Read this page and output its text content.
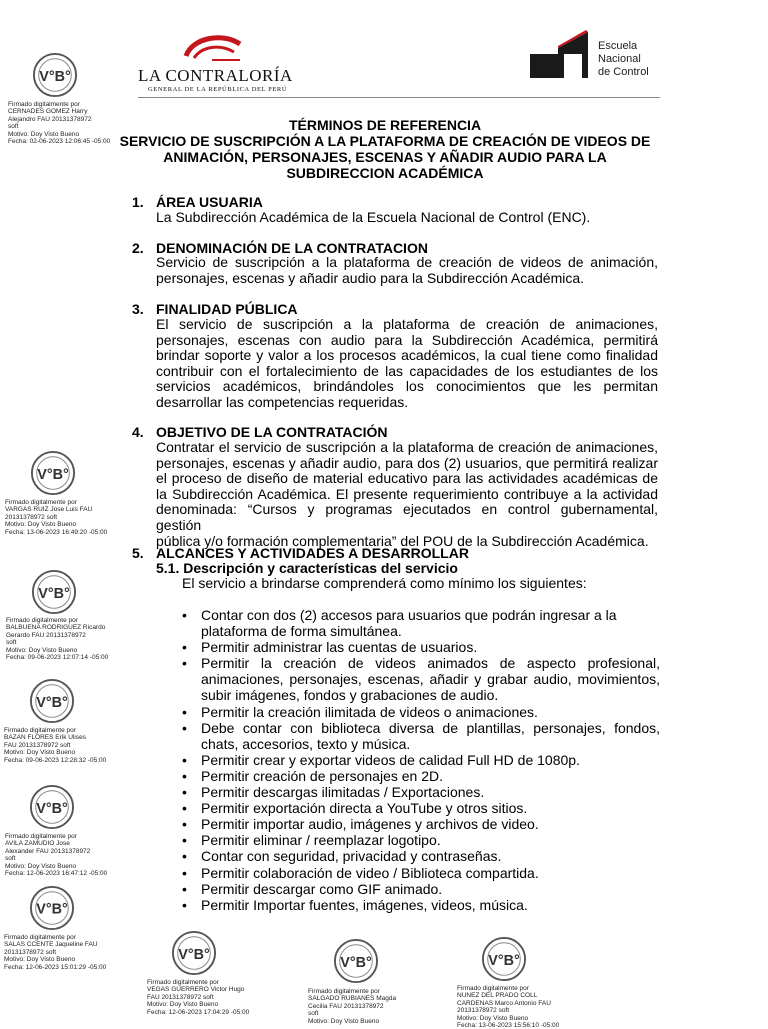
LA CONTRALORÍA
GENERAL DE LA REPÚBLICA DEL PERÚ
Escuela
Nacional
de Control
TÉRMINOS DE REFERENCIA
SERVICIO DE SUSCRIPCIÓN A LA PLATAFORMA DE CREACIÓN DE VIDEOS DE
ANIMACIÓN, PERSONAJES, ESCENAS Y AÑADIR AUDIO PARA LA
SUBDIRECCION ACADÉMICA
1. ÁREA USUARIA
La Subdirección Académica de la Escuela Nacional de Control (ENC).
2. DENOMINACIÓN DE LA CONTRATACION
Servicio de suscripción a la plataforma de creación de videos de animación,
personajes, escenas y añadir audio para la Subdirección Académica.
3. FINALIDAD PÚBLICA
El servicio de suscripción a la plataforma de creación de animaciones,
personajes, escenas con audio para la Subdirección Académica, permitirá
brindar soporte y valor a los procesos académicos, la cual tiene como finalidad
contribuir con el fortalecimiento de las capacidades de los estudiantes de los
servicios académicos, brindándoles los conocimientos que les permitan
desarrollar las competencias requeridas.
4. OBJETIVO DE LA CONTRATACIÓN
Contratar el servicio de suscripción a la plataforma de creación de animaciones,
personajes, escenas y añadir audio, para dos (2) usuarios, que permitirá realizar
el proceso de diseño de material educativo para las actividades académicas de
la Subdirección Académica. El presente requerimiento contribuye a la actividad
denominada: “Cursos y programas ejecutados en control gubernamental, gestión
pública y/o formación complementaria” del POU de la Subdirección Académica.
5. ALCANCES Y ACTIVIDADES A DESARROLLAR
5.1. Descripción y características del servicio
El servicio a brindarse comprenderá como mínimo los siguientes:
• Contar con dos (2) accesos para usuarios que podrán ingresar a la
plataforma de forma simultánea.
• Permitir administrar las cuentas de usuarios.
• Permitir la creación de videos animados de aspecto profesional,
animaciones, personajes, escenas, añadir y grabar audio, movimientos,
subir imágenes, fondos y grabaciones de audio.
• Permitir la creación ilimitada de videos o animaciones.
• Debe contar con biblioteca diversa de plantillas, personajes, fondos,
chats, accesorios, texto y música.
• Permitir crear y exportar videos de calidad Full HD de 1080p.
• Permitir creación de personajes en 2D.
• Permitir descargas ilimitadas / Exportaciones.
• Permitir exportación directa a YouTube y otros sitios.
• Permitir importar audio, imágenes y archivos de video.
• Permitir eliminar / reemplazar logotipo.
• Contar con seguridad, privacidad y contraseñas.
• Permitir colaboración de video / Biblioteca compartida.
• Permitir descargar como GIF animado.
• Permitir Importar fuentes, imágenes, videos, música.
V°B°
Firmado digitalmente por
CERNADES GOMEZ Harry
Alejandro FAU 20131378972
soft
Motivo: Doy Visto Bueno
Fecha: 02-06-2023 12:06:45 -05:00
V°B°
Firmado digitalmente por
VARGAS RUIZ Jose Luis FAU
20131378972 soft
Motivo: Doy Visto Bueno
Fecha: 13-06-2023 16:49:20 -05:00
V°B°
Firmado digitalmente por
BALBUENA RODRIGUEZ Ricardo
Gerardo FAU 20131378972
soft
Motivo: Doy Visto Bueno
Fecha: 09-06-2023 12:07:14 -05:00
V°B°
Firmado digitalmente por
BAZAN FLORES Erik Ulises
FAU 20131378972 soft
Motivo: Doy Visto Bueno
Fecha: 09-06-2023 12:28:32 -05:00
V°B°
Firmado digitalmente por
AVILA ZAMUDIO Jose
Alexander FAU 20131378972
soft
Motivo: Doy Visto Bueno
Fecha: 12-06-2023 16:47:12 -05:00
V°B°
Firmado digitalmente por
SALAS CCENTE Jaqueline FAU
20131378972 soft
Motivo: Doy Visto Bueno
Fecha: 12-06-2023 15:01:29 -05:00
V°B°
Firmado digitalmente por
VEGAS GUERRERO Victor Hugo
FAU 20131378972 soft
Motivo: Doy Visto Bueno
Fecha: 12-06-2023 17:04:29 -05:00
V°B°
Firmado digitalmente por
SALGADO RUBIANES Magda
Cecilia FAU 20131378972
soft
Motivo: Doy Visto Bueno
V°B°
Firmado digitalmente por
NUNEZ DEL PRADO COLL
CARDENAS Marco Antonio FAU
20131378972 soft
Motivo: Doy Visto Bueno
Fecha: 13-06-2023 15:56:10 -05:00
